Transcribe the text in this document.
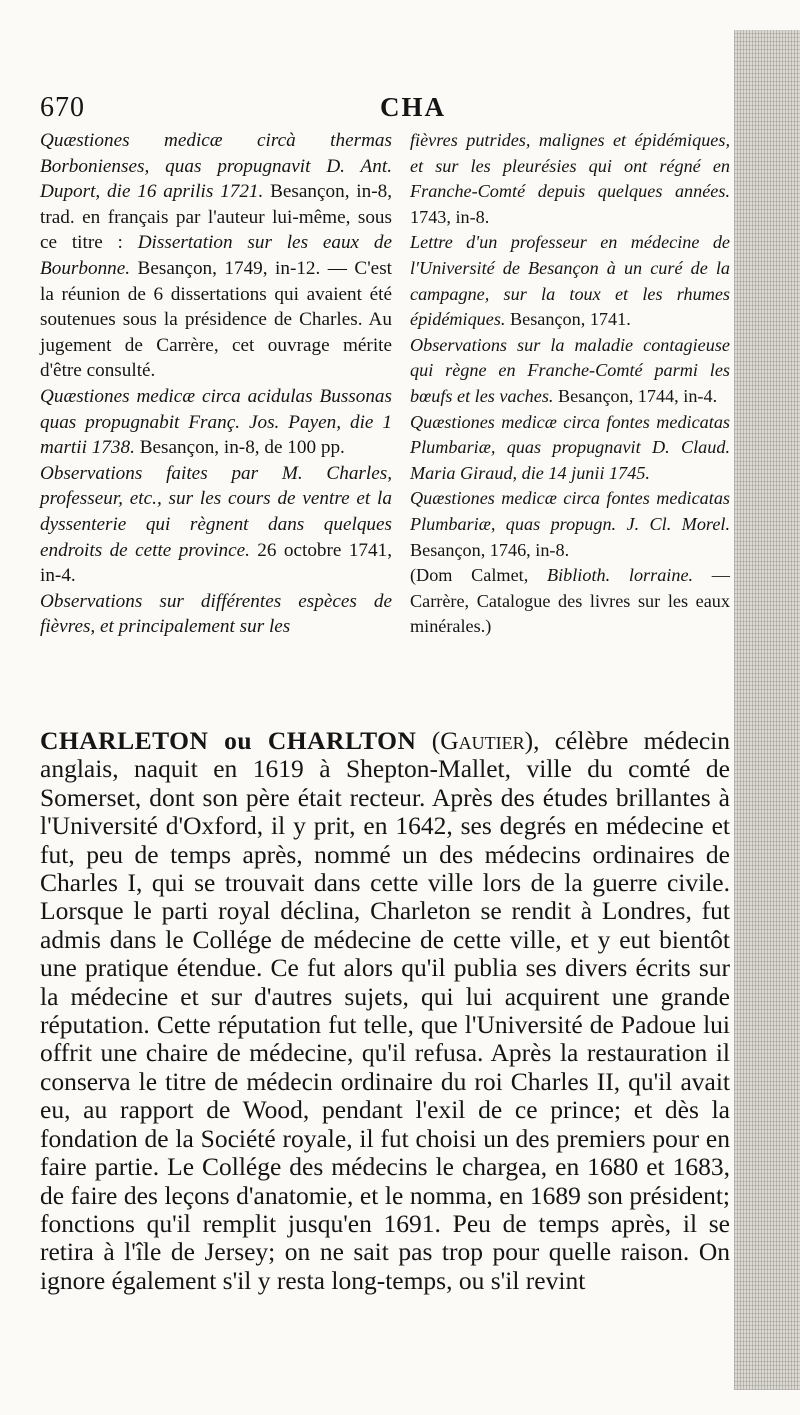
670	CHA

Quæstiones medicæ circà thermas Borbonienses, quas propugnavit D. Ant. Duport, die 16 aprilis 1721. Besançon, in-8, trad. en français par l'auteur lui-même, sous ce titre : Dissertation sur les eaux de Bourbonne. Besançon, 1749, in-12. — C'est la réunion de 6 dissertations qui avaient été soutenues sous la présidence de Charles. Au jugement de Carrère, cet ouvrage mérite d'être consulté.

Quæstiones medicæ circa acidulas Bussonas quas propugnabit Franç. Jos. Payen, die 1 martii 1738. Besançon, in-8, de 100 pp.

Observations faites par M. Charles, professeur, etc., sur les cours de ventre et la dyssenterie qui règnent dans quelques endroits de cette province. 26 octobre 1741, in-4.

Observations sur différentes espèces de fièvres, et principalement sur les

fièvres putrides, malignes et épidémiques, et sur les pleurésies qui ont régné en Franche-Comté depuis quelques années. 1743, in-8.

Lettre d'un professeur en médecine de l'Université de Besançon à un curé de la campagne, sur la toux et les rhumes épidémiques. Besançon, 1741.

Observations sur la maladie contagieuse qui règne en Franche-Comté parmi les bœufs et les vaches. Besançon, 1744, in-4.

Quæstiones medicæ circa fontes medicatas Plumbariæ, quas propugnavit D. Claud. Maria Giraud, die 14 junii 1745.

Quæstiones medicæ circa fontes medicatas Plumbariæ, quas propugn. J. Cl. Morel. Besançon, 1746, in-8.

(Dom Calmet, Biblioth. lorraine. — Carrère, Catalogue des livres sur les eaux minérales.)

CHARLETON ou CHARLTON (Gautier), célèbre médecin anglais, naquit en 1619 à Shepton-Mallet, ville du comté de Somerset, dont son père était recteur. Après des études brillantes à l'Université d'Oxford, il y prit, en 1642, ses degrés en médecine et fut, peu de temps après, nommé un des médecins ordinaires de Charles I, qui se trouvait dans cette ville lors de la guerre civile. Lorsque le parti royal déclina, Charleton se rendit à Londres, fut admis dans le Collége de médecine de cette ville, et y eut bientôt une pratique étendue. Ce fut alors qu'il publia ses divers écrits sur la médecine et sur d'autres sujets, qui lui acquirent une grande réputation. Cette réputation fut telle, que l'Université de Padoue lui offrit une chaire de médecine, qu'il refusa. Après la restauration il conserva le titre de médecin ordinaire du roi Charles II, qu'il avait eu, au rapport de Wood, pendant l'exil de ce prince; et dès la fondation de la Société royale, il fut choisi un des premiers pour en faire partie. Le Collége des médecins le chargea, en 1680 et 1683, de faire des leçons d'anatomie, et le nomma, en 1689 son président; fonctions qu'il remplit jusqu'en 1691. Peu de temps après, il se retira à l'île de Jersey; on ne sait pas trop pour quelle raison. On ignore également s'il y resta long-temps, ou s'il revint
